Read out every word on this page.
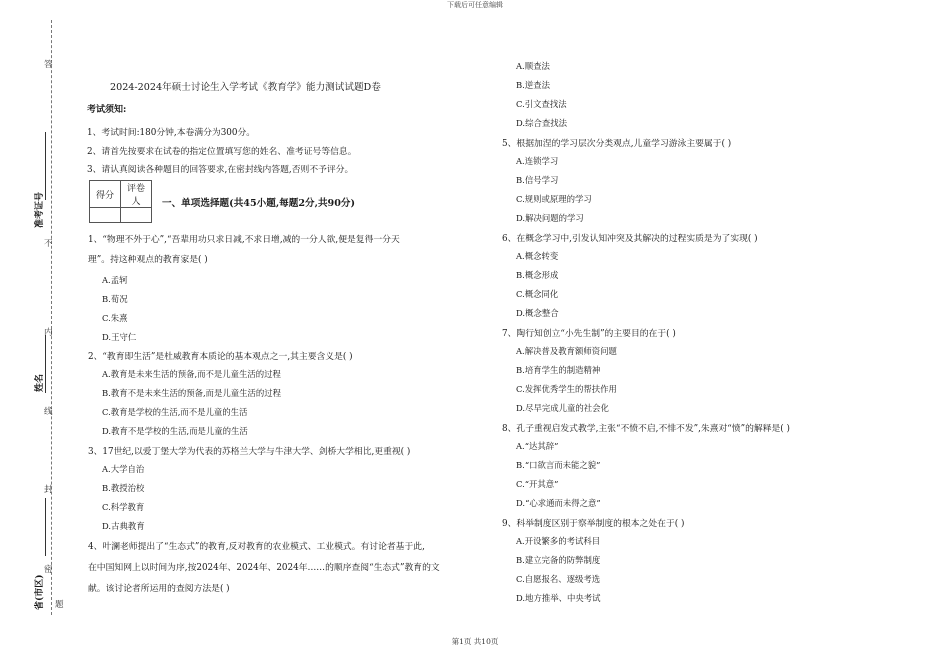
下载后可任意编辑
答
不
内
线
封
密
题
准考证号
姓名
省(市区)
2024-2024年硕士讨论生入学考试《教育学》能力测试试题D卷
考试须知:
1、考试时间:180分钟,本卷满分为300分。
2、请首先按要求在试卷的指定位置填写您的姓名、准考证号等信息。
3、请认真阅读各种题目的回答要求,在密封线内答题,否则不予评分。
得分	评卷人
	一、单项选择题(共45小题,每题2分,共90分)
1、“物理不外于心”,“吾辈用功只求日减,不求日增,减的一分人欲,便是复得一分天
理”。持这种观点的教育家是( )
A.孟轲
B.荀况
C.朱熹
D.王守仁
2、“教育即生活”是杜威教育本质论的基本观点之一,其主要含义是( )
A.教育是未来生活的预备,而不是儿童生活的过程
B.教育不是未来生活的预备,而是儿童生活的过程
C.教育是学校的生活,而不是儿童的生活
D.教育不是学校的生活,而是儿童的生活
3、17世纪,以爱丁堡大学为代表的苏格兰大学与牛津大学、剑桥大学相比,更重视( )
A.大学自治
B.教授治校
C.科学教育
D.古典教育
4、叶澜老师提出了“生态式”的教育,反对教育的农业模式、工业模式。有讨论者基于此,
在中国知网上以时间为序,按2024年、2024年、2024年……的顺序查阅“生态式”教育的文
献。该讨论者所运用的查阅方法是( )
A.顺查法
B.逆查法
C.引文查找法
D.综合查找法
5、根据加涅的学习层次分类观点,儿童学习游泳主要属于( )
A.连锁学习
B.信号学习
C.规则或原理的学习
D.解决问题的学习
6、在概念学习中,引发认知冲突及其解决的过程实质是为了实现( )
A.概念转变
B.概念形成
C.概念同化
D.概念整合
7、陶行知创立“小先生制”的主要目的在于( )
A.解决普及教育额师资问题
B.培育学生的制造精神
C.发挥优秀学生的帮扶作用
D.尽早完成儿童的社会化
8、孔子重视启发式教学,主张“不愤不启,不悱不发”,朱熹对“愤”的解释是( )
A.“达其辞”
B.“口欲言而未能之貌”
C.“开其意”
D.“心求通而未得之意”
9、科举制度区别于察举制度的根本之处在于( )
A.开设繁多的考试科目
B.建立完备的防弊制度
C.自愿报名、逐级考选
D.地方推举、中央考试
第1页 共10页
